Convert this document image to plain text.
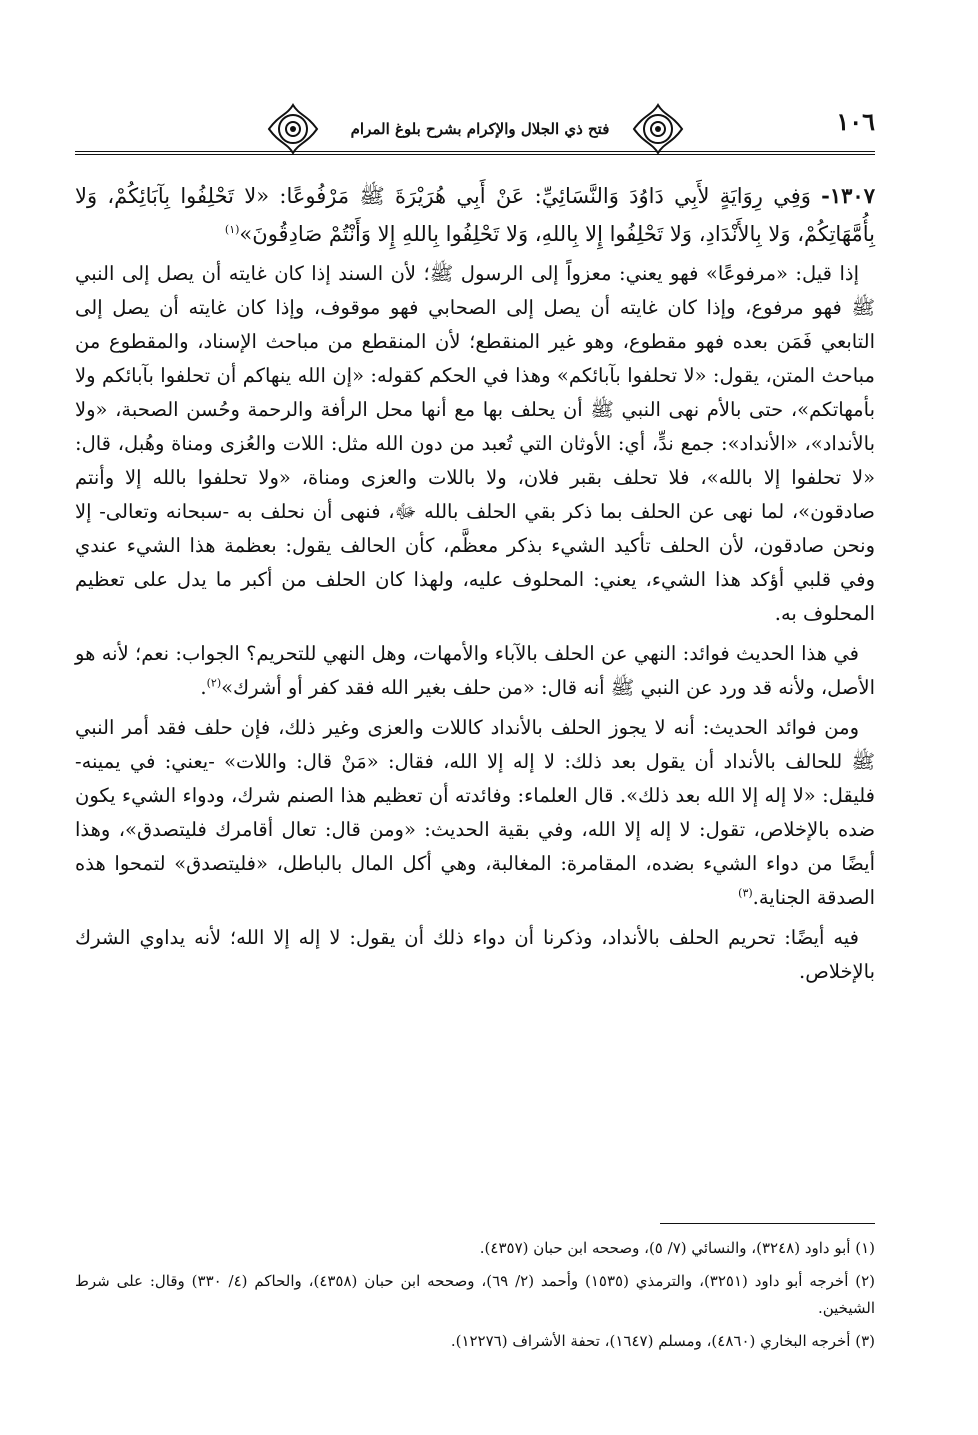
١٠٦
فتح ذي الجلال والإكرام بشرح بلوغ المرام

١٣٠٧- وَفِي رِوَايَةٍ لأَبِي دَاوُدَ وَالنَّسَائِيِّ: عَنْ أَبِي هُرَيْرَةَ ﷺ مَرْفُوعًا: «لا تَحْلِفُوا بِآبَائِكُمْ، وَلا بِأُمَّهَاتِكُمْ، وَلا بِالأَنْدَادِ، وَلا تَحْلِفُوا إِلا بِاللهِ، وَلا تَحْلِفُوا بِاللهِ إِلا وَأَنْتُمْ صَادِقُونَ»$^{(١)}$

إذا قيل: «مرفوعًا» فهو يعني: معزواً إلى الرسول ﷺ؛ لأن السند إذا كان غايته أن يصل إلى النبي ﷺ فهو مرفوع، وإذا كان غايته أن يصل إلى الصحابي فهو موقوف، وإذا كان غايته أن يصل إلى التابعي فَمَن بعده فهو مقطوع، وهو غير المنقطع؛ لأن المنقطع من مباحث الإسناد، والمقطوع من مباحث المتن، يقول: «لا تحلفوا بآبائكم» وهذا في الحكم كقوله: «إن الله ينهاكم أن تحلفوا بآبائكم ولا بأمهاتكم»، حتى بالأم نهى النبي ﷺ أن يحلف بها مع أنها محل الرأفة والرحمة وحُسن الصحبة، «ولا بالأنداد»، «الأنداد»: جمع ندٍّ، أي: الأوثان التي تُعبد من دون الله مثل: اللات والعُزى ومناة وهُبل، قال: «لا تحلفوا إلا بالله»، فلا تحلف بقبر فلان، ولا باللات والعزى ومناة، «ولا تحلفوا بالله إلا وأنتم صادقون»، لما نهى عن الحلف بما ذكر بقي الحلف بالله ﷻ، فنهى أن نحلف به -سبحانه وتعالى- إلا ونحن صادقون، لأن الحلف تأكيد الشيء بذكر معظَّم، كأن الحالف يقول: بعظمة هذا الشيء عندي وفي قلبي أؤكد هذا الشيء، يعني: المحلوف عليه، ولهذا كان الحلف من أكبر ما يدل على تعظيم المحلوف به.

في هذا الحديث فوائد: النهي عن الحلف بالآباء والأمهات، وهل النهي للتحريم؟ الجواب: نعم؛ لأنه هو الأصل، ولأنه قد ورد عن النبي ﷺ أنه قال: «من حلف بغير الله فقد كفر أو أشرك»$^{(٢)}$.

ومن فوائد الحديث: أنه لا يجوز الحلف بالأنداد كاللات والعزى وغير ذلك، فإن حلف فقد أمر النبي ﷺ للحالف بالأنداد أن يقول بعد ذلك: لا إله إلا الله، فقال: «مَنْ قال: واللات» -يعني: في يمينه- فليقل: «لا إله إلا الله بعد ذلك». قال العلماء: وفائدته أن تعظيم هذا الصنم شرك، ودواء الشيء يكون ضده بالإخلاص، تقول: لا إله إلا الله، وفي بقية الحديث: «ومن قال: تعال أقامرك فليتصدق»، وهذا أيضًا من دواء الشيء بضده، المقامرة: المغالبة، وهي أكل المال بالباطل، «فليتصدق» لتمحوا هذه الصدقة الجناية.$^{(٣)}$

فيه أيضًا: تحريم الحلف بالأنداد، وذكرنا أن دواء ذلك أن يقول: لا إله إلا الله؛ لأنه يداوي الشرك بالإخلاص.

(١) أبو داود (٣٢٤٨)، والنسائي (٧/ ٥)، وصححه ابن حبان (٤٣٥٧).

(٢) أخرجه أبو داود (٣٢٥١)، والترمذي (١٥٣٥) وأحمد (٢/ ٦٩)، وصححه ابن حبان (٤٣٥٨)، والحاكم (٤/ ٣٣٠) وقال: على شرط الشيخين.

(٣) أخرجه البخاري (٤٨٦٠)، ومسلم (١٦٤٧)، تحفة الأشراف (١٢٢٧٦).
